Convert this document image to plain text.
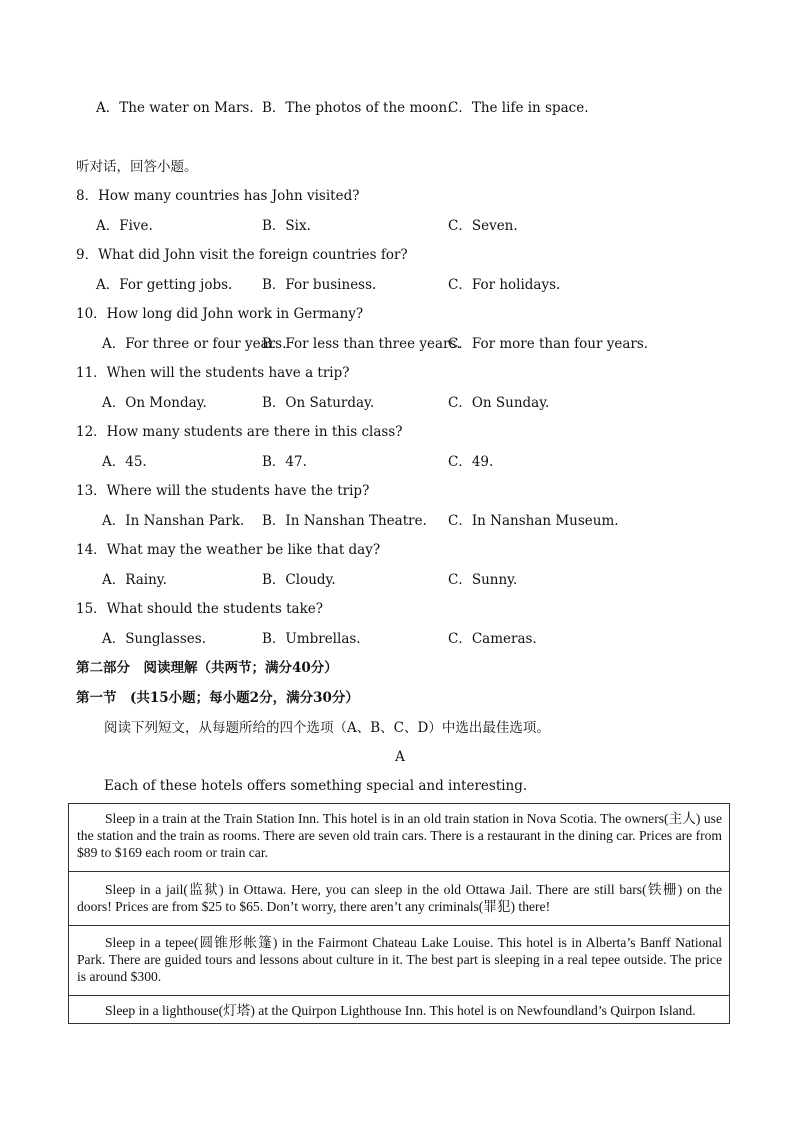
A．The water on Mars. B．The photos of the moon.
C．The life in space.
听对话，回答小题。
8．How many countries has John visited?
A．Five.	B．Six.	C．Seven.
9．What did John visit the foreign countries for?
A．For getting jobs. B．For business.	C．For holidays.
10．How long did John work in Germany?
A．For three or four years.
B．For less than three years.
C．For more than four years.
11．When will the students have a trip?
A．On Monday.	B．On Saturday.	C．On Sunday.
12．How many students are there in this class?
A．45.	B．47.	C．49.
13．Where will the students have the trip?
A．In Nanshan Park. B．In Nanshan Theatre. C．In Nanshan Museum.
14．What may the weather be like that day?
A．Rainy.	B．Cloudy.	C．Sunny.
15．What should the students take?
A．Sunglasses.	B．Umbrellas.	C．Cameras.
第二部分　阅读理解（共两节；满分40分）
第一节　(共15小题；每小题2分，满分30分）
阅读下列短文，从每题所给的四个选项（A、B、C、D）中选出最佳选项。
A
Each of these hotels offers something special and interesting.

Sleep in a train at the Train Station Inn. This hotel is in an old train station in Nova Scotia. The owners(主人) use the station and the train as rooms. There are seven old train cars. There is a restaurant in the dining car. Prices are from $89 to $169 each room or train car.

Sleep in a jail(监狱) in Ottawa. Here, you can sleep in the old Ottawa Jail. There are still bars(铁栅) on the doors! Prices are from $25 to $65. Don’t worry, there aren’t any criminals(罪犯) there!

Sleep in a tepee(圆锥形帐篷) in the Fairmont Chateau Lake Louise. This hotel is in Alberta’s Banff National Park. There are guided tours and lessons about culture in it. The best part is sleeping in a real tepee outside. The price is around $300.

Sleep in a lighthouse(灯塔) at the Quirpon Lighthouse Inn. This hotel is on Newfoundland’s Quirpon Island.
